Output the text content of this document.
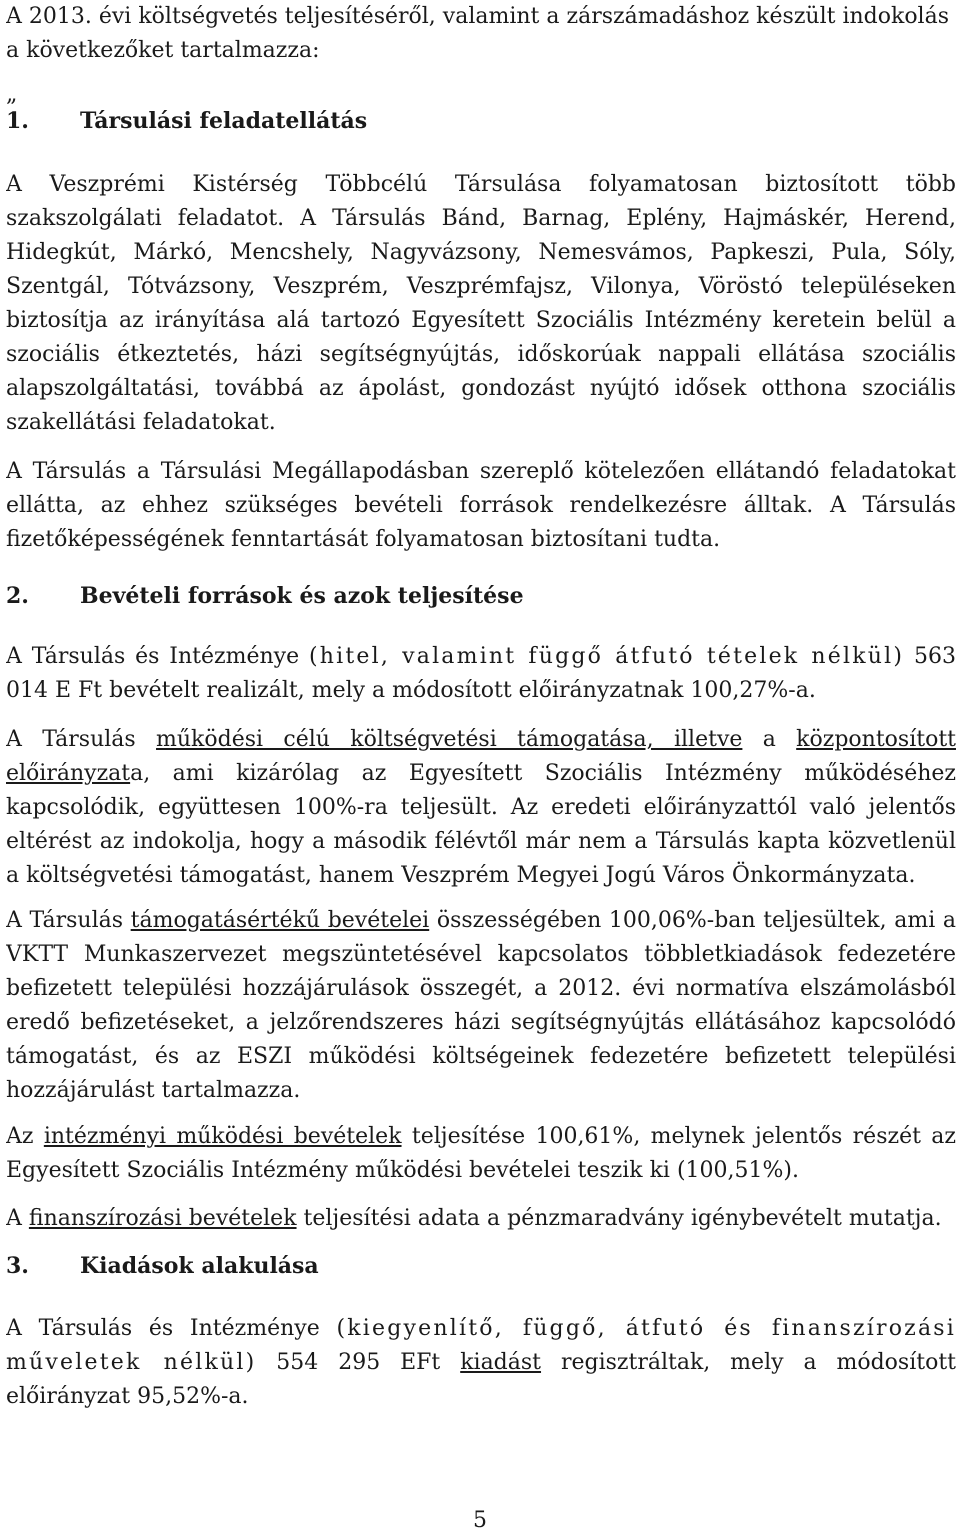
A 2013. évi költségvetés teljesítéséről, valamint a zárszámadáshoz készült indokolás
a következőket tartalmazza:
„
1. Társulási feladatellátás
A Veszprémi Kistérség Többcélú Társulása folyamatosan biztosított több
szakszolgálati feladatot. A Társulás Bánd, Barnag, Eplény, Hajmáskér, Herend,
Hidegkút, Márkó, Mencshely, Nagyvázsony, Nemesvámos, Papkeszi, Pula, Sóly,
Szentgál, Tótvázsony, Veszprém, Veszprémfajsz, Vilonya, Vöröstó településeken
biztosítja az irányítása alá tartozó Egyesített Szociális Intézmény keretein belül a
szociális étkeztetés, házi segítségnyújtás, időskorúak nappali ellátása szociális
alapszolgáltatási, továbbá az ápolást, gondozást nyújtó idősek otthona szociális
szakellátási feladatokat.
A Társulás a Társulási Megállapodásban szereplő kötelezően ellátandó feladatokat
ellátta, az ehhez szükséges bevételi források rendelkezésre álltak. A Társulás
fizetőképességének fenntartását folyamatosan biztosítani tudta.
2. Bevételi források és azok teljesítése
A Társulás és Intézménye (hitel, valamint függő átfutó tételek nélkül) 563
014 E Ft bevételt realizált, mely a módosított előirányzatnak 100,27%-a.
A Társulás működési célú költségvetési támogatása, illetve a központosított
előirányzata, ami kizárólag az Egyesített Szociális Intézmény működéséhez
kapcsolódik, együttesen 100%-ra teljesült. Az eredeti előirányzattól való jelentős
eltérést az indokolja, hogy a második félévtől már nem a Társulás kapta közvetlenül
a költségvetési támogatást, hanem Veszprém Megyei Jogú Város Önkormányzata.
A Társulás támogatásértékű bevételei összességében 100,06%-ban teljesültek, ami a
VKTT Munkaszervezet megszüntetésével kapcsolatos többletkiadások fedezetére
befizetett települési hozzájárulások összegét, a 2012. évi normatíva elszámolásból
eredő befizetéseket, a jelzőrendszeres házi segítségnyújtás ellátásához kapcsolódó
támogatást, és az ESZI működési költségeinek fedezetére befizetett települési
hozzájárulást tartalmazza.
Az intézményi működési bevételek teljesítése 100,61%, melynek jelentős részét az
Egyesített Szociális Intézmény működési bevételei teszik ki (100,51%).
A finanszírozási bevételek teljesítési adata a pénzmaradvány igénybevételt mutatja.
3. Kiadások alakulása
A Társulás és Intézménye (kiegyenlítő, függő, átfutó és finanszírozási
műveletek nélkül) 554 295 EFt kiadást regisztráltak, mely a módosított
előirányzat 95,52%-a.
5
